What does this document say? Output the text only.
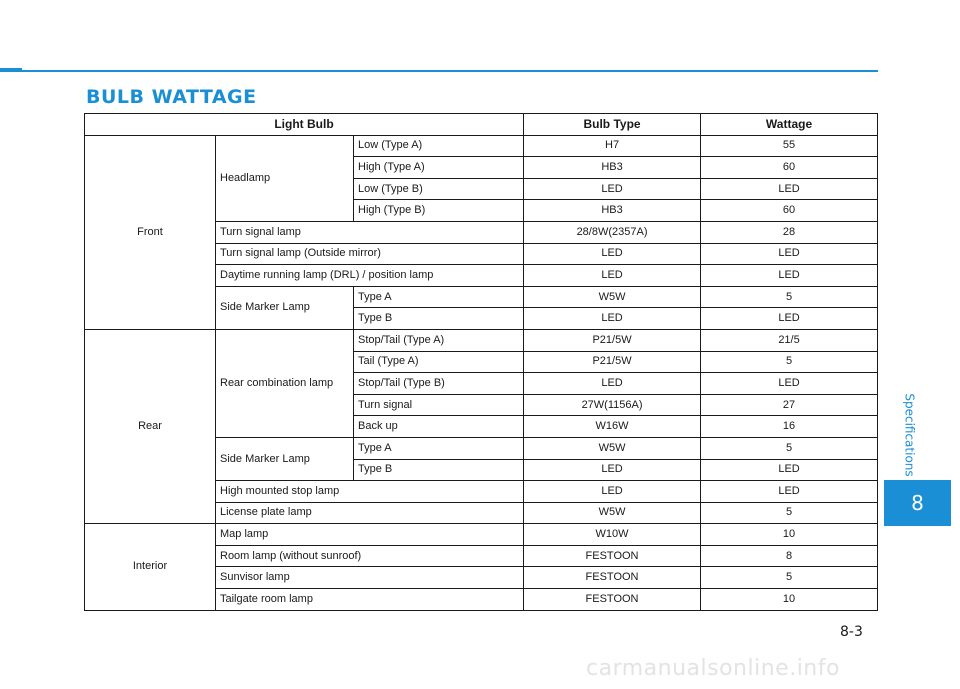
BULB WATTAGE
Light Bulb			Bulb Type	Wattage
Front	Headlamp	Low (Type A)	H7	55
		High (Type A)	HB3	60
		Low (Type B)	LED	LED
		High (Type B)	HB3	60
	Turn signal lamp		28/8W(2357A)	28
	Turn signal lamp (Outside mirror)		LED	LED
	Daytime running lamp (DRL) / position lamp		LED	LED
	Side Marker Lamp	Type A	W5W	5
		Type B	LED	LED
Rear	Rear combination lamp	Stop/Tail (Type A)	P21/5W	21/5
		Tail (Type A)	P21/5W	5
		Stop/Tail (Type B)	LED	LED
		Turn signal	27W(1156A)	27
		Back up	W16W	16
	Side Marker Lamp	Type A	W5W	5
		Type B	LED	LED
	High mounted stop lamp		LED	LED
	License plate lamp		W5W	5
Interior	Map lamp		W10W	10
	Room lamp (without sunroof)		FESTOON	8
	Sunvisor lamp		FESTOON	5
	Tailgate room lamp		FESTOON	10
Specifications
8
8-3
carmanualsonline.info
